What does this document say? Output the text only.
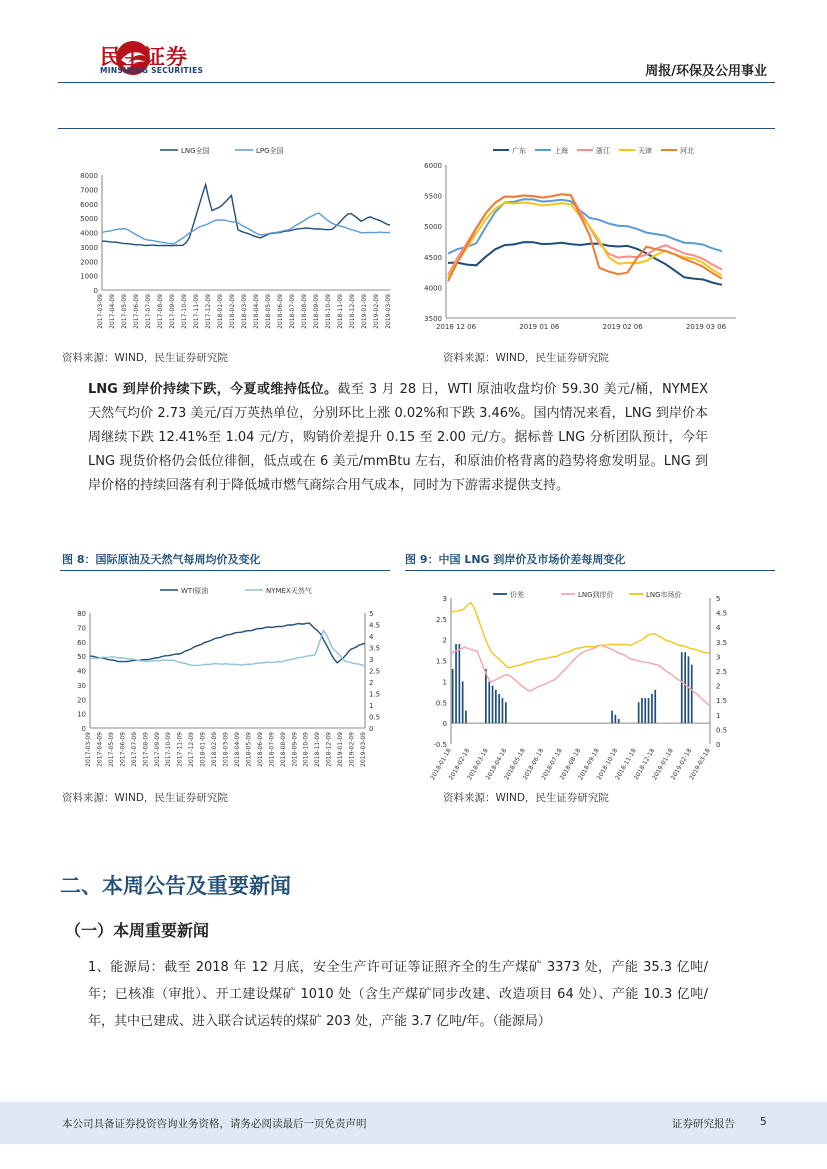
民生证券
MINSHENG SECURITIES	周报/环保及公用事业
LNG全国	LPG全国
0
1000
2000
3000
4000
5000
6000
7000
8000
2017-03-09 2017-04-09 2017-05-09 2017-06-09 2017-07-09 2017-08-09 2017-09-09 2017-10-09 2017-11-09 2017-12-09 2018-01-09 2018-02-09 2018-03-09 2018-04-09 2018-05-09 2018-06-09 2018-07-09 2018-08-09 2018-09-09 2018-10-09 2018-11-09 2018-12-09 2019-01-09 2019-02-09 2019-03-09
广东	上海	浙江	天津	河北
3500
4000
4500
5000
5500
6000
2018 12 06	2019 01 06	2019 02 06	2019 03 06
资料来源：WIND，民生证券研究院	资料来源：WIND，民生证券研究院
LNG 到岸价持续下跌，今夏或维持低位。截至 3 月 28 日，WTI 原油收盘均价 59.30 美元/桶，NYMEX 天然气均价 2.73 美元/百万英热单位，分别环比上涨 0.02%和下跌 3.46%。国内情况来看，LNG 到岸价本周继续下跌 12.41%至 1.04 元/方，购销价差提升 0.15 至 2.00 元/方。据标普 LNG 分析团队预计，今年 LNG 现货价格仍会低位徘徊，低点或在 6 美元/mmBtu 左右，和原油价格背离的趋势将愈发明显。LNG 到岸价格的持续回落有利于降低城市燃气商综合用气成本，同时为下游需求提供支持。
图 8：国际原油及天然气每周均价及变化	图 9：中国 LNG 到岸价及市场价差每周变化
WTI原油	NYMEX天然气
0
10
20
30
40
50
60
70
80
0
0.5
1
1.5
2
2.5
3
3.5
4
4.5
5
2017-03-09 2017-04-09 2017-05-09 2017-06-09 2017-07-09 2017-08-09 2017-09-09 2017-10-09 2017-11-09 2017-12-09 2018-01-09 2018-02-09 2018-03-09 2018-04-09 2018-05-09 2018-06-09 2018-07-09 2018-08-09 2018-09-09 2018-10-09 2018-11-09 2018-12-09 2019-01-09 2019-02-09 2019-03-09
价差	LNG到岸价	LNG市场价
-0.5
0
0.5
1
1.5
2
2.5
3
0
0.5
1
1.5
2
2.5
3
3.5
4
4.5
5
2018-01-18
2018-02-18
2018-03-18
2018-04-18
2018-05-18
2018-06-18
2018-07-18
2018-08-18
2018-09-18
2018-10-18
2018-11-18
2018-12-18
2019-01-18
2019-02-18
2019-03-18
资料来源：WIND，民生证券研究院	资料来源：WIND，民生证券研究院
二、本周公告及重要新闻
（一）本周重要新闻
1、能源局：截至 2018 年 12 月底，安全生产许可证等证照齐全的生产煤矿 3373 处，产能 35.3 亿吨/年；已核准（审批）、开工建设煤矿 1010 处（含生产煤矿同步改建、改造项目 64 处）、产能 10.3 亿吨/年，其中已建成、进入联合试运转的煤矿 203 处，产能 3.7 亿吨/年。（能源局）
本公司具备证券投资咨询业务资格，请务必阅读最后一页免责声明	证券研究报告 5
